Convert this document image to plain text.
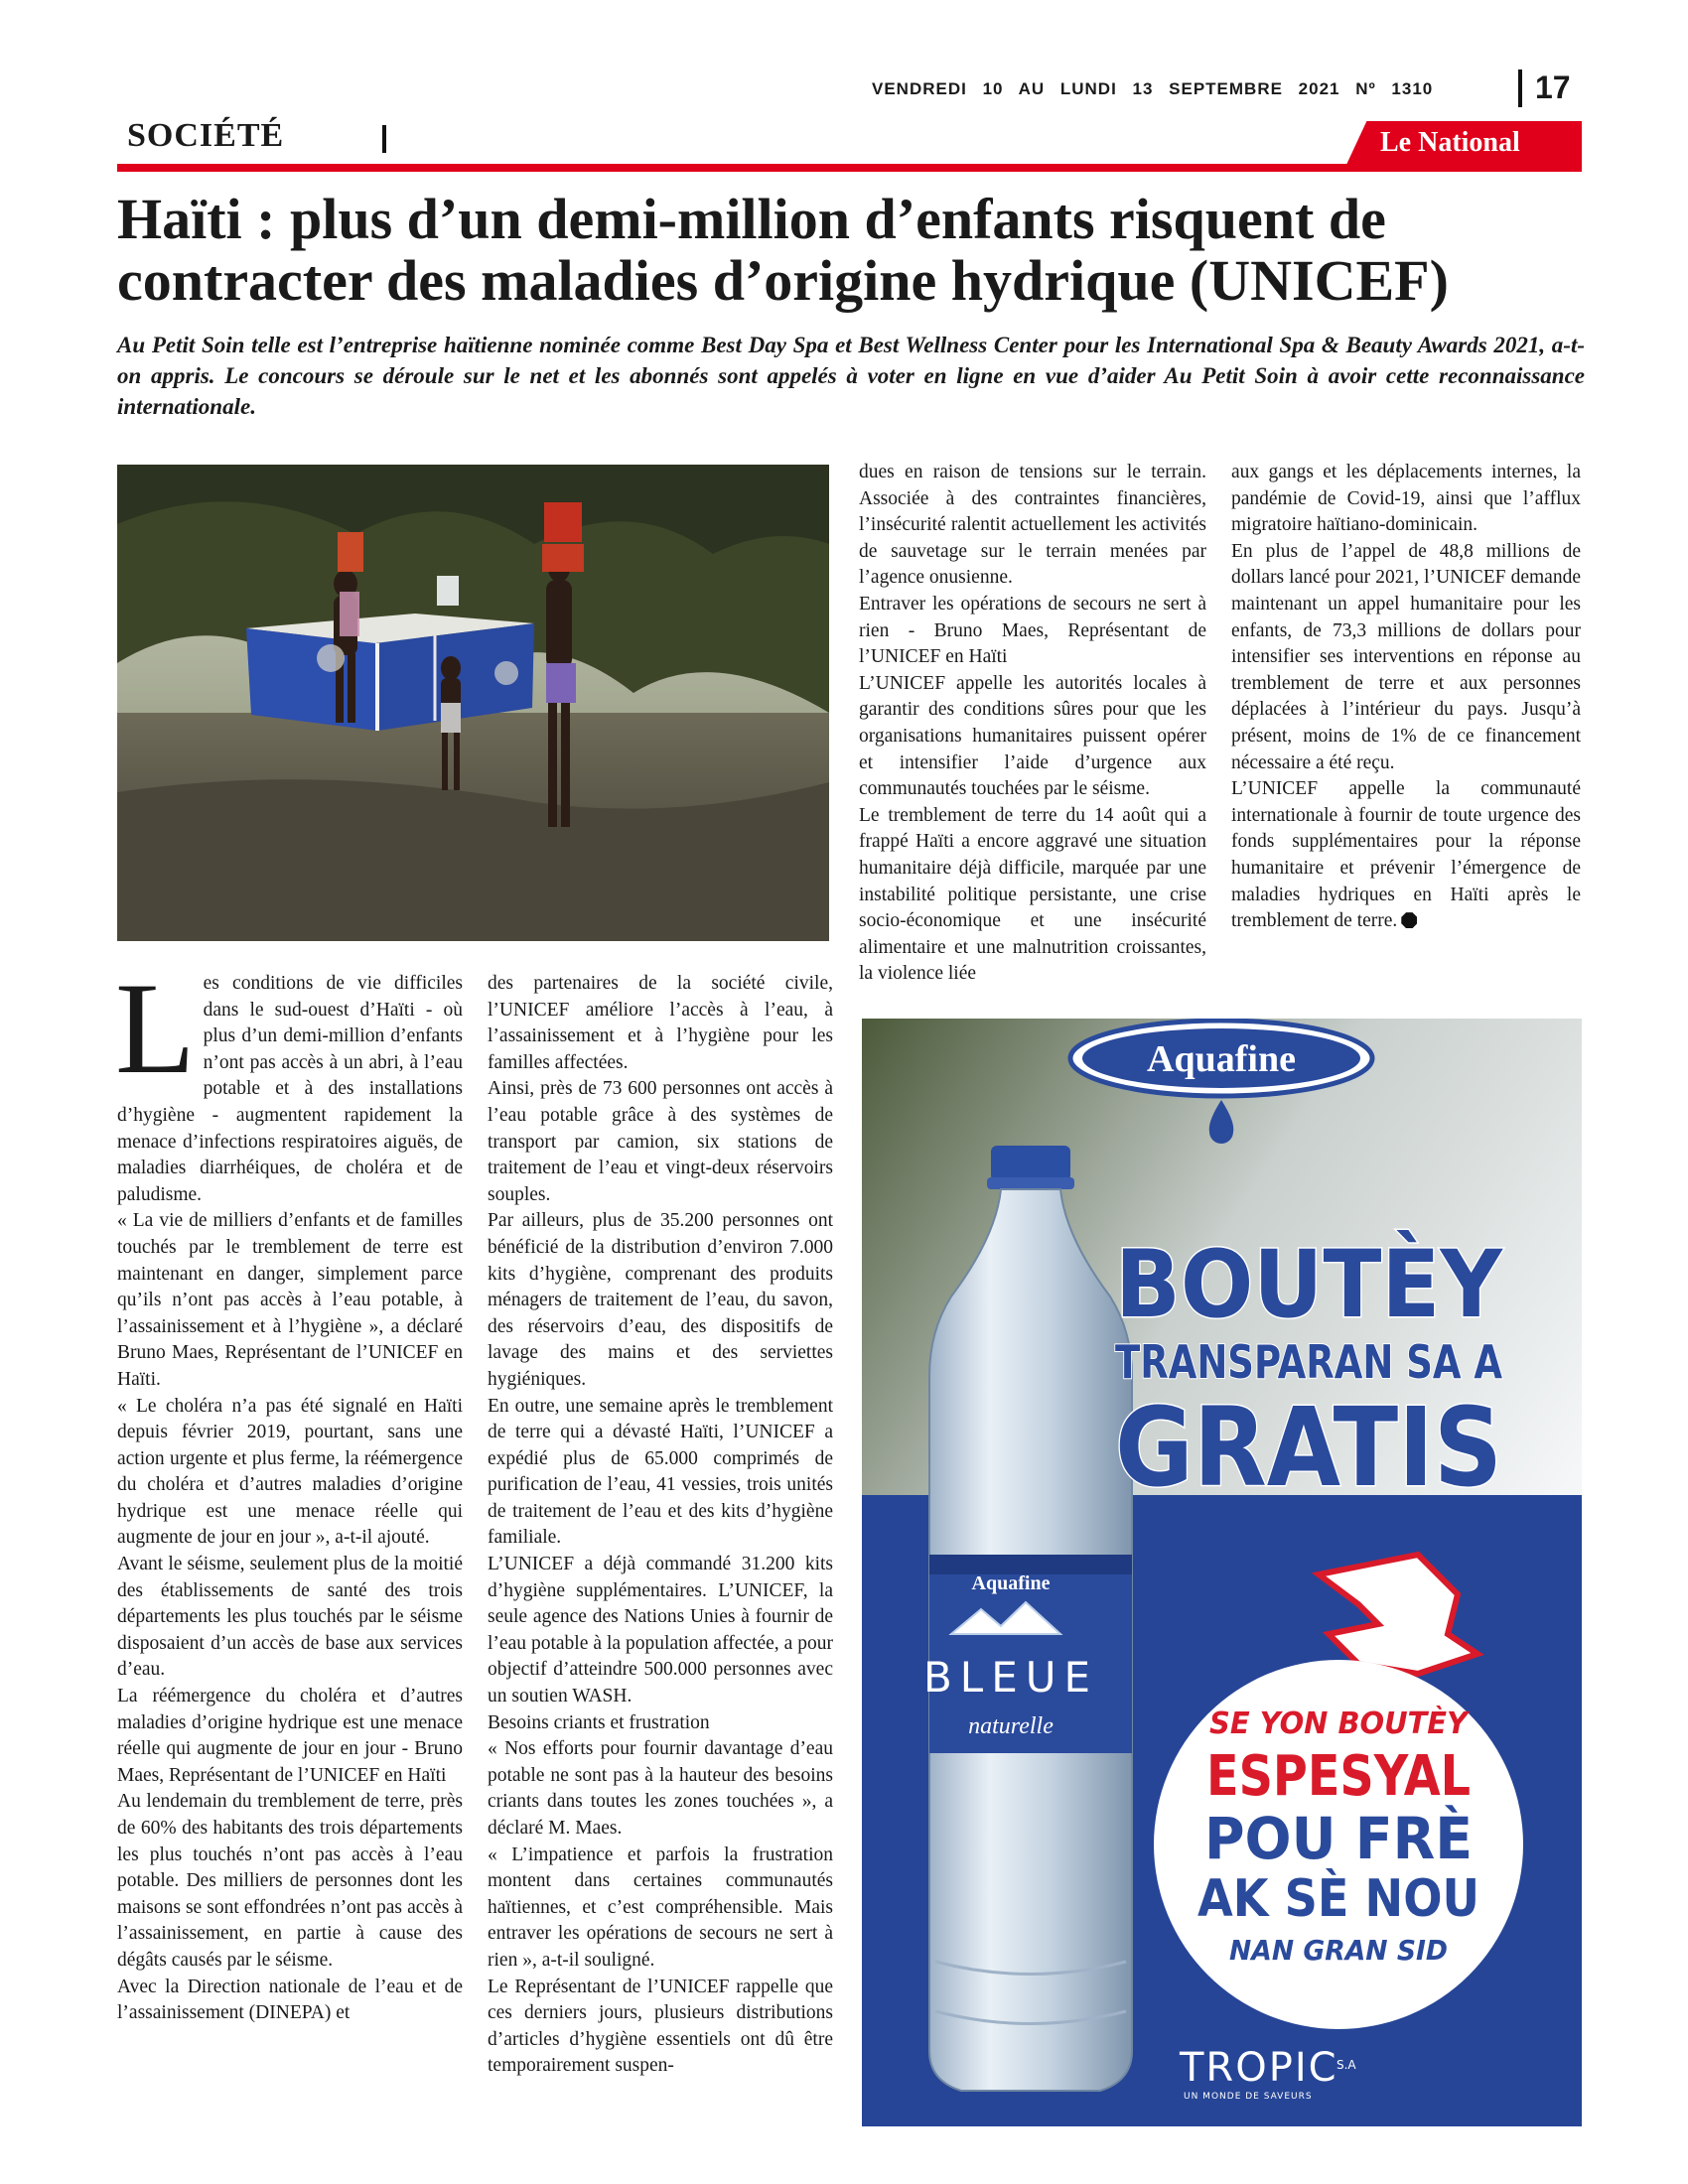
VENDREDI 10 AU LUNDI 13 SEPTEMBRE 2021 Nº 1310	17
SOCIÉTÉ	Le National
Haïti : plus d’un demi-million d’enfants risquent de contracter des maladies d’origine hydrique (UNICEF)

Au Petit Soin telle est l’entreprise haïtienne nominée comme Best Day Spa et Best Wellness Center pour les International Spa & Beauty Awards 2021, a-t-on appris. Le concours se déroule sur le net et les abonnés sont appelés à voter en ligne en vue d’aider Au Petit Soin à avoir cette reconnaissance internationale.

Les conditions de vie difficiles dans le sud-ouest d’Haïti - où plus d’un demi-million d’enfants n’ont pas accès à un abri, à l’eau potable et à des installations d’hygiène - augmentent rapidement la menace d’infections respiratoires aiguës, de maladies diarrhéiques, de choléra et de paludisme.

« La vie de milliers d’enfants et de familles touchés par le tremblement de terre est maintenant en danger, simplement parce qu’ils n’ont pas accès à l’eau potable, à l’assainissement et à l’hygiène », a déclaré Bruno Maes, Représentant de l’UNICEF en Haïti.

« Le choléra n’a pas été signalé en Haïti depuis février 2019, pourtant, sans une action urgente et plus ferme, la réémergence du choléra et d’autres maladies d’origine hydrique est une menace réelle qui augmente de jour en jour », a-t-il ajouté.

Avant le séisme, seulement plus de la moitié des établissements de santé des trois départements les plus touchés par le séisme disposaient d’un accès de base aux services d’eau.

La réémergence du choléra et d’autres maladies d’origine hydrique est une menace réelle qui augmente de jour en jour - Bruno Maes, Représentant de l’UNICEF en Haïti

Au lendemain du tremblement de terre, près de 60% des habitants des trois départements les plus touchés n’ont pas accès à l’eau potable. Des milliers de personnes dont les maisons se sont effondrées n’ont pas accès à l’assainissement, en partie à cause des dégâts causés par le séisme.

Avec la Direction nationale de l’eau et de l’assainissement (DINEPA) et

des partenaires de la société civile, l’UNICEF améliore l’accès à l’eau, à l’assainissement et à l’hygiène pour les familles affectées.

Ainsi, près de 73 600 personnes ont accès à l’eau potable grâce à des systèmes de transport par camion, six stations de traitement de l’eau et vingt-deux réservoirs souples.

Par ailleurs, plus de 35.200 personnes ont bénéficié de la distribution d’environ 7.000 kits d’hygiène, comprenant des produits ménagers de traitement de l’eau, du savon, des réservoirs d’eau, des dispositifs de lavage des mains et des serviettes hygiéniques.

En outre, une semaine après le tremblement de terre qui a dévasté Haïti, l’UNICEF a expédié plus de 65.000 comprimés de purification de l’eau, 41 vessies, trois unités de traitement de l’eau et des kits d’hygiène familiale.

L’UNICEF a déjà commandé 31.200 kits d’hygiène supplémentaires. L’UNICEF, la seule agence des Nations Unies à fournir de l’eau potable à la population affectée, a pour objectif d’atteindre 500.000 personnes avec un soutien WASH.

Besoins criants et frustration

« Nos efforts pour fournir davantage d’eau potable ne sont pas à la hauteur des besoins criants dans toutes les zones touchées », a déclaré M. Maes.

« L’impatience et parfois la frustration montent dans certaines communautés haïtiennes, et c’est compréhensible. Mais entraver les opérations de secours ne sert à rien », a-t-il souligné.

Le Représentant de l’UNICEF rappelle que ces derniers jours, plusieurs distributions d’articles d’hygiène essentiels ont dû être temporairement suspen-

dues en raison de tensions sur le terrain. Associée à des contraintes financières, l’insécurité ralentit actuellement les activités de sauvetage sur le terrain menées par l’agence onusienne.

Entraver les opérations de secours ne sert à rien - Bruno Maes, Représentant de l’UNICEF en Haïti

L’UNICEF appelle les autorités locales à garantir des conditions sûres pour que les organisations humanitaires puissent opérer et intensifier l’aide d’urgence aux communautés touchées par le séisme.

Le tremblement de terre du 14 août qui a frappé Haïti a encore aggravé une situation humanitaire déjà difficile, marquée par une instabilité politique persistante, une crise socio-économique et une insécurité alimentaire et une malnutrition croissantes, la violence liée

aux gangs et les déplacements internes, la pandémie de Covid-19, ainsi que l’afflux migratoire haïtiano-dominicain.

En plus de l’appel de 48,8 millions de dollars lancé pour 2021, l’UNICEF demande maintenant un appel humanitaire pour les enfants, de 73,3 millions de dollars pour intensifier ses interventions en réponse au tremblement de terre et aux personnes déplacées à l’intérieur du pays. Jusqu’à présent, moins de 1% de ce financement nécessaire a été reçu.

L’UNICEF appelle la communauté internationale à fournir de toute urgence des fonds supplémentaires pour la réponse humanitaire et prévenir l’émergence de maladies hydriques en Haïti après le tremblement de terre.

Aquafine
Aquafine
BLEUE
naturelle
BOUTÈY
TRANSPARAN SA A
GRATIS
SE YON BOUTÈY
ESPESYAL
POU FRÈ
AK SÈ NOU
NAN GRAN SID
TROPIC
S.A
UN MONDE DE SAVEURS
